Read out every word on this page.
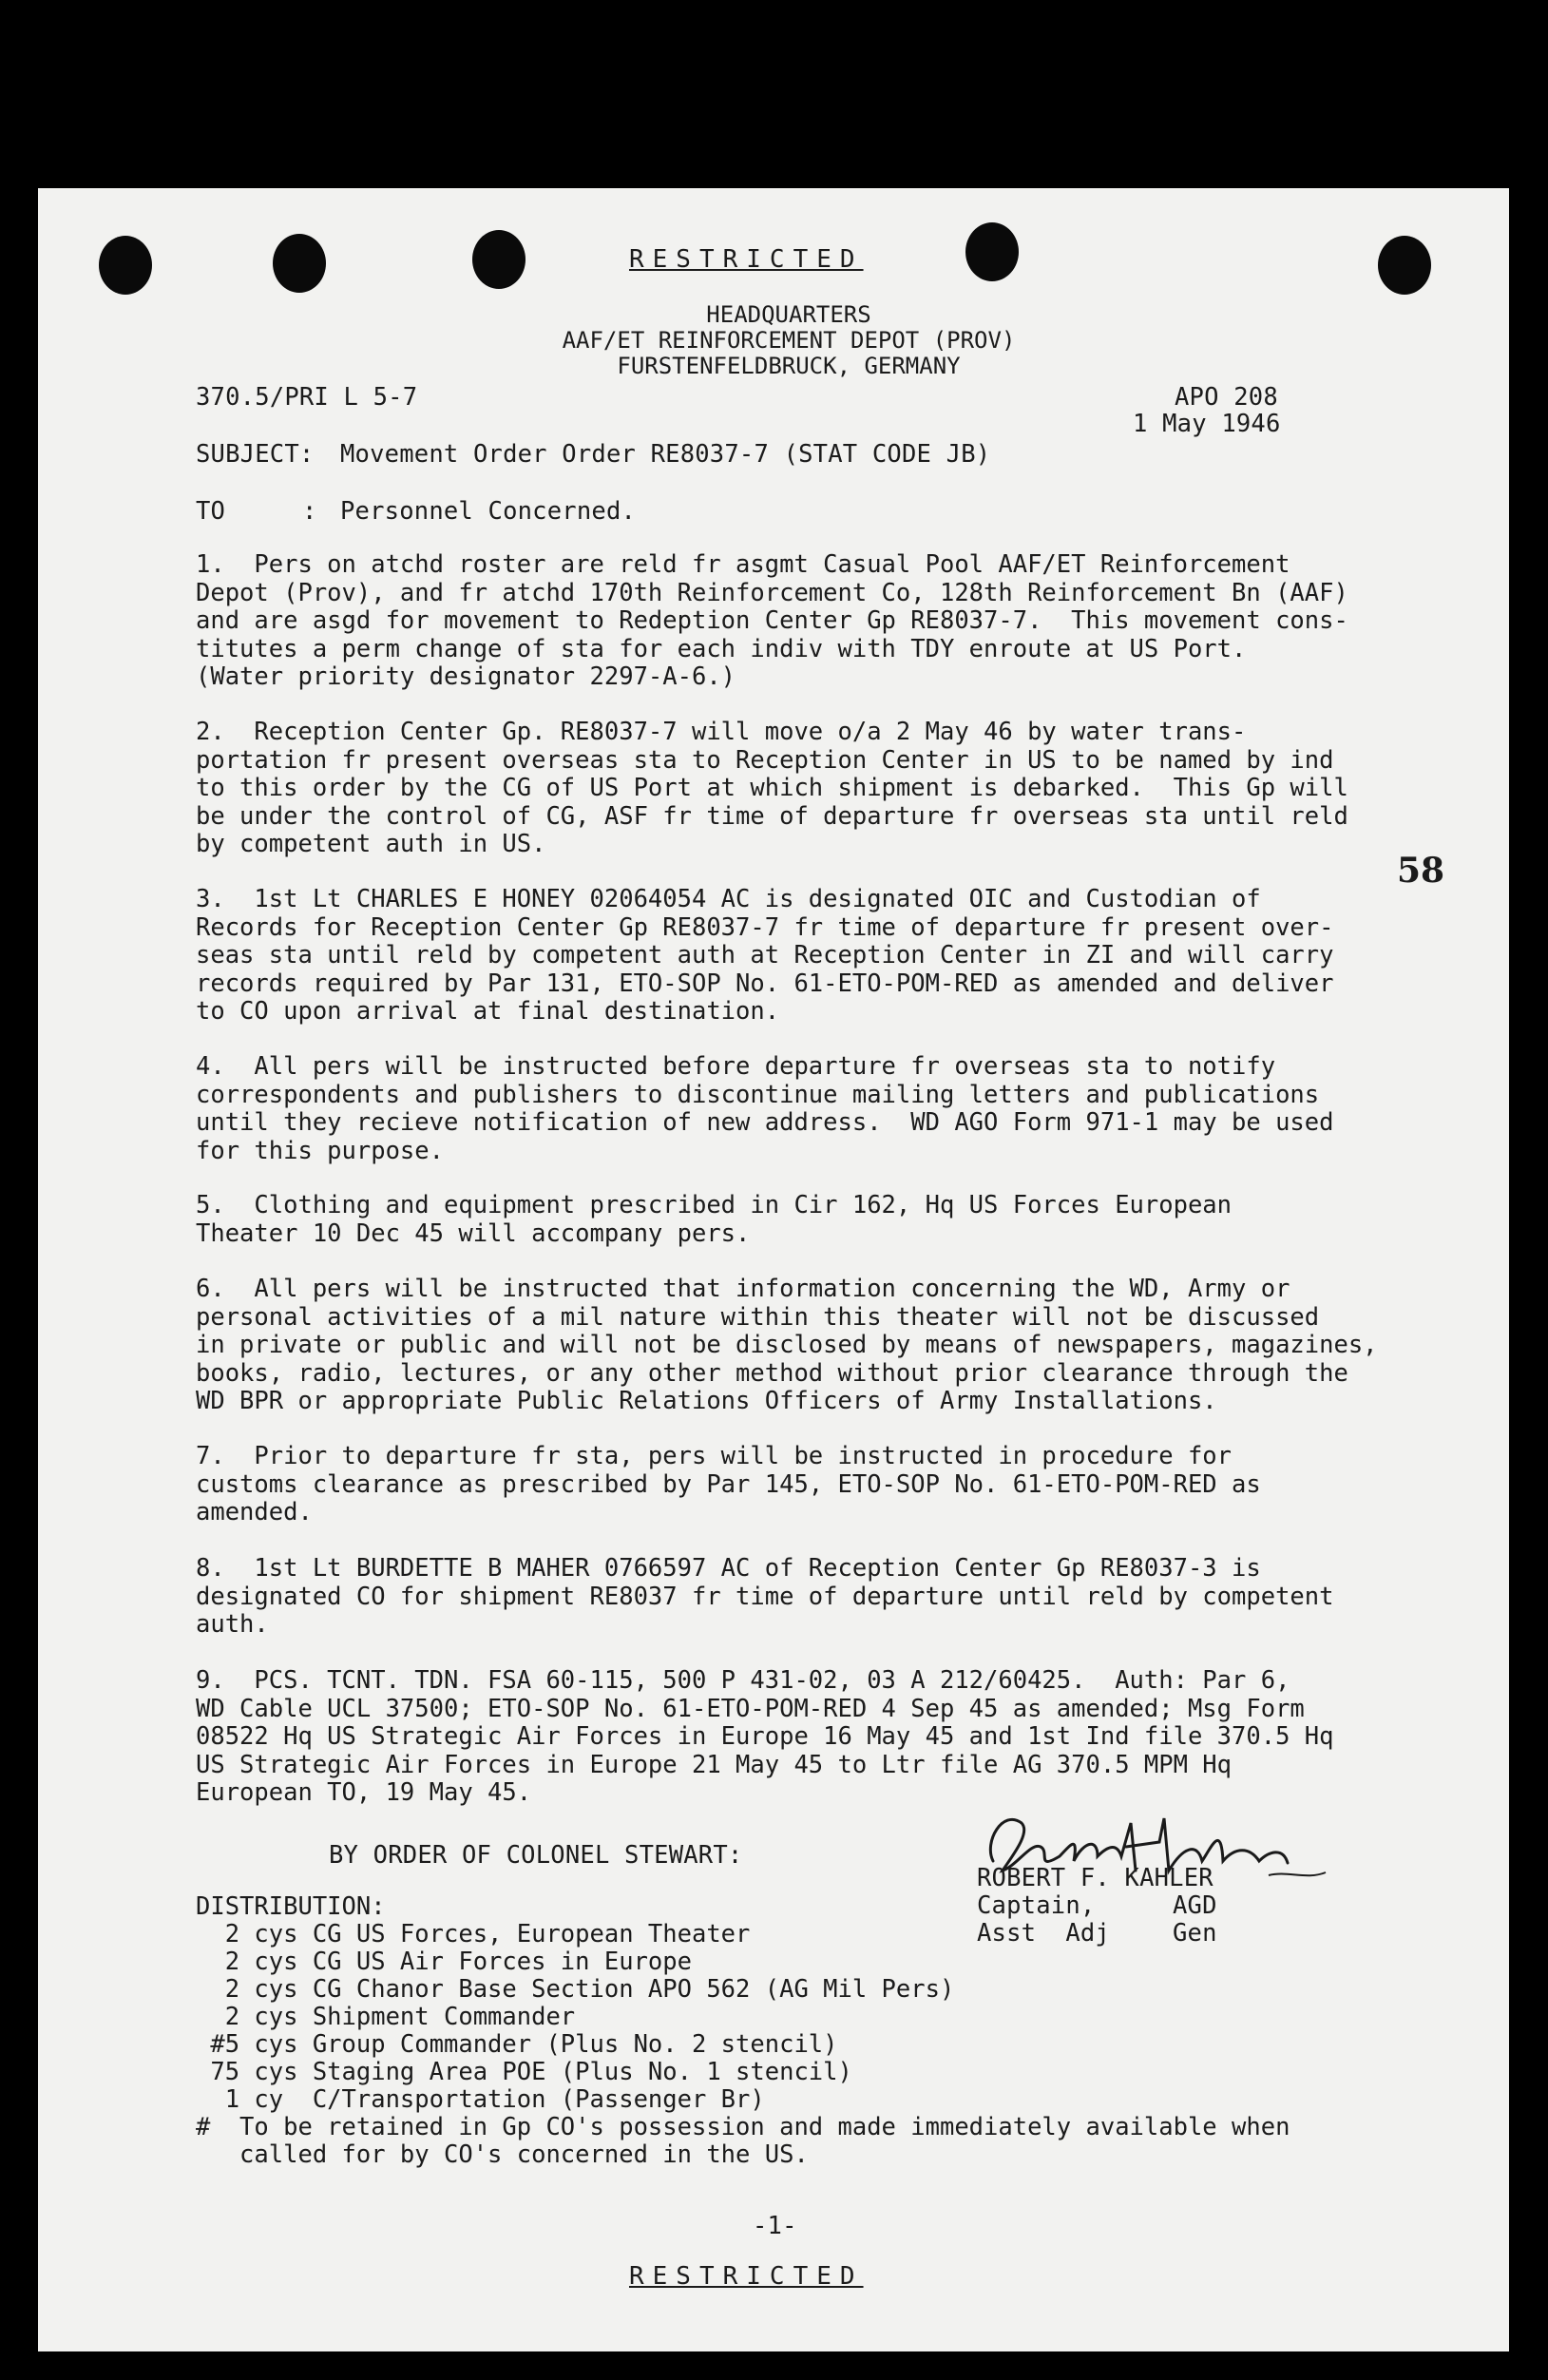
RESTRICTED
HEADQUARTERS
AAF/ET REINFORCEMENT DEPOT (PROV)
FURSTENFELDBRUCK, GERMANY
370.5/PRI L 5-7	APO 208
1 May 1946
SUBJECT: Movement Order Order RE8037-7 (STAT CODE JB)
TO	: Personnel Concerned.
1.  Pers on atchd roster are reld fr asgmt Casual Pool AAF/ET Reinforcement
Depot (Prov), and fr atchd 170th Reinforcement Co, 128th Reinforcement Bn (AAF)
and are asgd for movement to Redeption Center Gp RE8037-7.  This movement cons-
titutes a perm change of sta for each indiv with TDY enroute at US Port.
(Water priority designator 2297-A-6.)
2.  Reception Center Gp. RE8037-7 will move o/a 2 May 46 by water trans-
portation fr present overseas sta to Reception Center in US to be named by ind
to this order by the CG of US Port at which shipment is debarked.  This Gp will
be under the control of CG, ASF fr time of departure fr overseas sta until reld
by competent auth in US.
3.  1st Lt CHARLES E HONEY 02064054 AC is designated OIC and Custodian of
Records for Reception Center Gp RE8037-7 fr time of departure fr present over-
seas sta until reld by competent auth at Reception Center in ZI and will carry
records required by Par 131, ETO-SOP No. 61-ETO-POM-RED as amended and deliver
to CO upon arrival at final destination.
4.  All pers will be instructed before departure fr overseas sta to notify
correspondents and publishers to discontinue mailing letters and publications
until they recieve notification of new address.  WD AGO Form 971-1 may be used
for this purpose.
5.  Clothing and equipment prescribed in Cir 162, Hq US Forces European
Theater 10 Dec 45 will accompany pers.
6.  All pers will be instructed that information concerning the WD, Army or
personal activities of a mil nature within this theater will not be discussed
in private or public and will not be disclosed by means of newspapers, magazines,
books, radio, lectures, or any other method without prior clearance through the
WD BPR or appropriate Public Relations Officers of Army Installations.
7.  Prior to departure fr sta, pers will be instructed in procedure for
customs clearance as prescribed by Par 145, ETO-SOP No. 61-ETO-POM-RED as
amended.
8.  1st Lt BURDETTE B MAHER 0766597 AC of Reception Center Gp RE8037-3 is
designated CO for shipment RE8037 fr time of departure until reld by competent
auth.
9.  PCS. TCNT. TDN. FSA 60-115, 500 P 431-02, 03 A 212/60425.  Auth: Par 6,
WD Cable UCL 37500; ETO-SOP No. 61-ETO-POM-RED 4 Sep 45 as amended; Msg Form
08522 Hq US Strategic Air Forces in Europe 16 May 45 and 1st Ind file 370.5 Hq
US Strategic Air Forces in Europe 21 May 45 to Ltr file AG 370.5 MPM Hq
European TO, 19 May 45.
58
BY ORDER OF COLONEL STEWART:
ROBERT F. KAHLER
Captain,	AGD
Asst  Adj	Gen
DISTRIBUTION:
2 cys CG US Forces, European Theater
2 cys CG US Air Forces in Europe
2 cys CG Chanor Base Section APO 562 (AG Mil Pers)
2 cys Shipment Commander
#5 cys Group Commander (Plus No. 2 stencil)
75 cys Staging Area POE (Plus No. 1 stencil)
1 cy  C/Transportation (Passenger Br)
#  To be retained in Gp CO's possession and made immediately available when
called for by CO's concerned in the US.
-1-
RESTRICTED
